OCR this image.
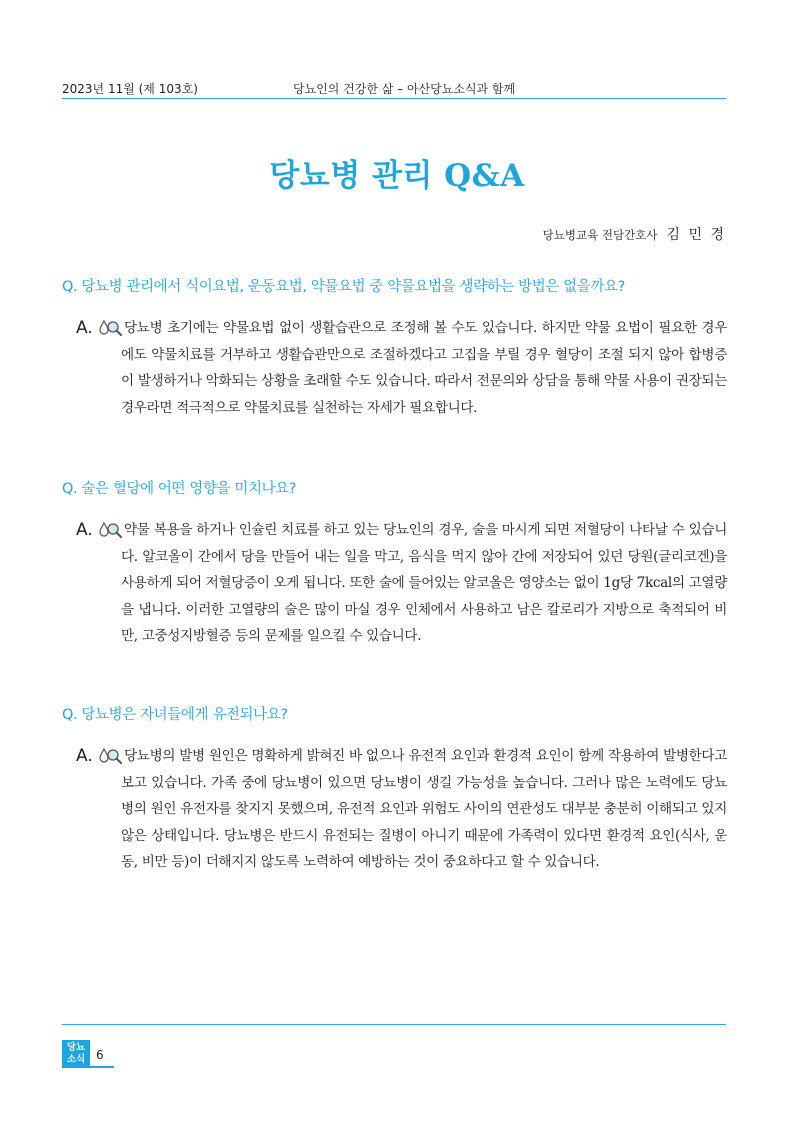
2023년 11월 (제 103호)	당뇨인의 건강한 삶 – 아산당뇨소식과 함께
당뇨병 관리 Q&A
당뇨병교육 전담간호사 김 민 경
Q. 당뇨병 관리에서 식이요법, 운동요법, 약물요법 중 약물요법을 생략하는 방법은 없을까요?
A. 당뇨병 초기에는 약물요법 없이 생활습관으로 조정해 볼 수도 있습니다. 하지만 약물 요법이 필요한 경우에도 약물치료를 거부하고 생활습관만으로 조절하겠다고 고집을 부릴 경우 혈당이 조절 되지 않아 합병증이 발생하거나 악화되는 상황을 초래할 수도 있습니다. 따라서 전문의와 상담을 통해 약물 사용이 권장되는 경우라면 적극적으로 약물치료를 실천하는 자세가 필요합니다.
Q. 술은 혈당에 어떤 영향을 미치나요?
A. 약물 복용을 하거나 인슐린 치료를 하고 있는 당뇨인의 경우, 술을 마시게 되면 저혈당이 나타날 수 있습니다. 알코올이 간에서 당을 만들어 내는 일을 막고, 음식을 먹지 않아 간에 저장되어 있던 당원(글리코겐)을 사용하게 되어 저혈당증이 오게 됩니다. 또한 술에 들어있는 알코올은 영양소는 없이 1g당 7kcal의 고열량을 냅니다. 이러한 고열량의 술은 많이 마실 경우 인체에서 사용하고 남은 칼로리가 지방으로 축적되어 비만, 고중성지방혈증 등의 문제를 일으킬 수 있습니다.
Q. 당뇨병은 자녀들에게 유전되나요?
A. 당뇨병의 발병 원인은 명확하게 밝혀진 바 없으나 유전적 요인과 환경적 요인이 함께 작용하여 발병한다고 보고 있습니다. 가족 중에 당뇨병이 있으면 당뇨병이 생길 가능성을 높습니다. 그러나 많은 노력에도 당뇨병의 원인 유전자를 찾지지 못했으며, 유전적 요인과 위험도 사이의 연관성도 대부분 충분히 이해되고 있지 않은 상태입니다. 당뇨병은 반드시 유전되는 질병이 아니기 때문에 가족력이 있다면 환경적 요인(식사, 운동, 비만 등)이 더해지지 않도록 노력하여 예방하는 것이 중요하다고 할 수 있습니다.
당뇨
소식 6
